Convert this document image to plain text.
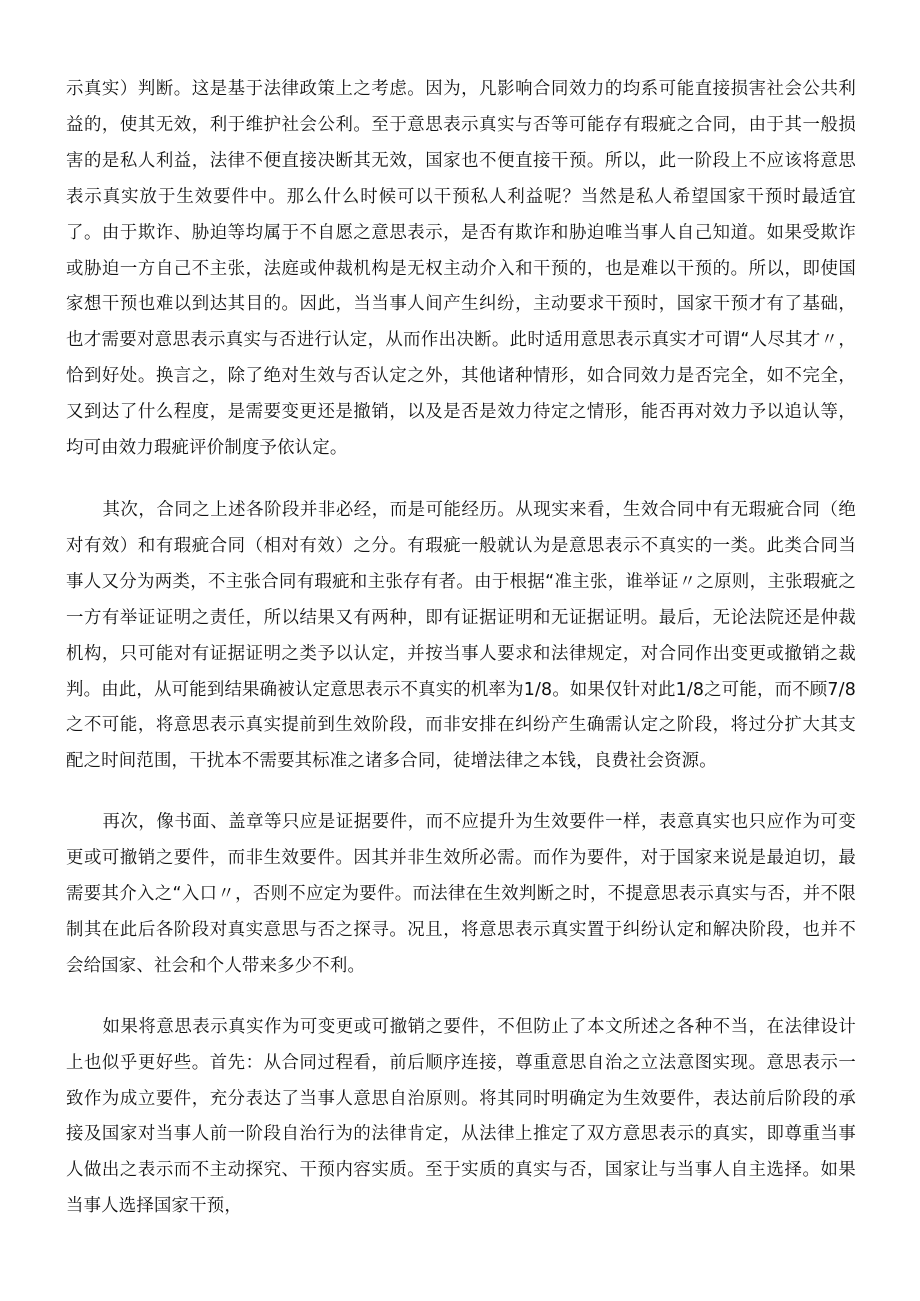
示真实）判断。这是基于法律政策上之考虑。因为，凡影响合同效力的均系可能直接损害社会公共利益的，使其无效，利于维护社会公利。至于意思表示真实与否等可能存有瑕疵之合同，由于其一般损害的是私人利益，法律不便直接决断其无效，国家也不便直接干预。所以，此一阶段上不应该将意思表示真实放于生效要件中。那么什么时候可以干预私人利益呢？当然是私人希望国家干预时最适宜了。由于欺诈、胁迫等均属于不自愿之意思表示，是否有欺诈和胁迫唯当事人自己知道。如果受欺诈或胁迫一方自己不主张，法庭或仲裁机构是无权主动介入和干预的，也是难以干预的。所以，即使国家想干预也难以到达其目的。因此，当当事人间产生纠纷，主动要求干预时，国家干预才有了基础，也才需要对意思表示真实与否进行认定，从而作出决断。此时适用意思表示真实才可谓“人尽其才〃，恰到好处。换言之，除了绝对生效与否认定之外，其他诸种情形，如合同效力是否完全，如不完全，又到达了什么程度，是需要变更还是撤销，以及是否是效力待定之情形，能否再对效力予以追认等，均可由效力瑕疵评价制度予依认定。

其次，合同之上述各阶段并非必经，而是可能经历。从现实来看，生效合同中有无瑕疵合同（绝对有效）和有瑕疵合同（相对有效）之分。有瑕疵一般就认为是意思表示不真实的一类。此类合同当事人又分为两类，不主张合同有瑕疵和主张存有者。由于根据“准主张，谁举证〃之原则，主张瑕疵之一方有举证证明之责任，所以结果又有两种，即有证据证明和无证据证明。最后，无论法院还是仲裁机构，只可能对有证据证明之类予以认定，并按当事人要求和法律规定，对合同作出变更或撤销之裁判。由此，从可能到结果确被认定意思表示不真实的机率为1/8。如果仅针对此1/8之可能，而不顾7/8之不可能，将意思表示真实提前到生效阶段，而非安排在纠纷产生确需认定之阶段，将过分扩大其支配之时间范围，干扰本不需要其标准之诸多合同，徒增法律之本钱，良费社会资源。

再次，像书面、盖章等只应是证据要件，而不应提升为生效要件一样，表意真实也只应作为可变更或可撤销之要件，而非生效要件。因其并非生效所必需。而作为要件，对于国家来说是最迫切，最需要其介入之“入口〃，否则不应定为要件。而法律在生效判断之时，不提意思表示真实与否，并不限制其在此后各阶段对真实意思与否之探寻。况且，将意思表示真实置于纠纷认定和解决阶段，也并不会给国家、社会和个人带来多少不利。

如果将意思表示真实作为可变更或可撤销之要件，不但防止了本文所述之各种不当，在法律设计上也似乎更好些。首先：从合同过程看，前后顺序连接，尊重意思自治之立法意图实现。意思表示一致作为成立要件，充分表达了当事人意思自治原则。将其同时明确定为生效要件，表达前后阶段的承接及国家对当事人前一阶段自治行为的法律肯定，从法律上推定了双方意思表示的真实，即尊重当事人做出之表示而不主动探究、干预内容实质。至于实质的真实与否，国家让与当事人自主选择。如果当事人选择国家干预，
